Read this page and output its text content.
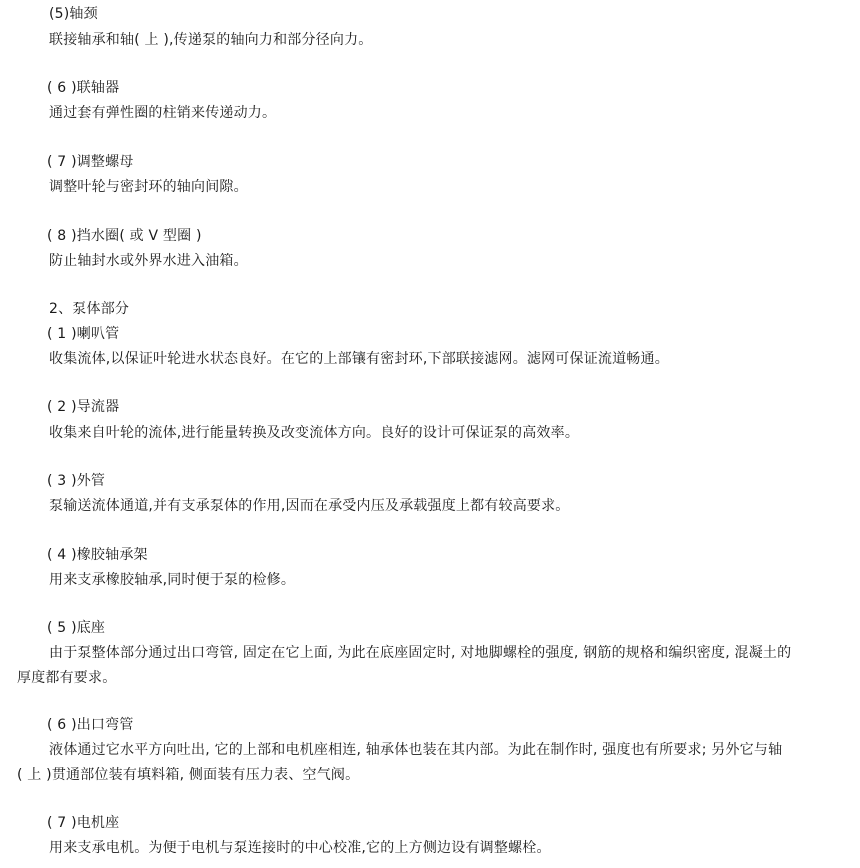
(5)轴颈
联接轴承和轴( 上 ),传递泵的轴向力和部分径向力。
( 6 )联轴器
通过套有弹性圈的柱销来传递动力。
( 7 )调整螺母
调整叶轮与密封环的轴向间隙。
( 8 )挡水圈( 或 V 型圈 )
防止轴封水或外界水进入油箱。
2、泵体部分
( 1 )喇叭管
收集流体,以保证叶轮进水状态良好。在它的上部镶有密封环,下部联接滤网。滤网可保证流道畅通。
( 2 )导流器
收集来自叶轮的流体,进行能量转换及改变流体方向。良好的设计可保证泵的高效率。
( 3 )外管
泵输送流体通道,并有支承泵体的作用,因而在承受内压及承载强度上都有较高要求。
( 4 )橡胶轴承架
用来支承橡胶轴承,同时便于泵的检修。
( 5 )底座
由于泵整体部分通过出口弯管, 固定在它上面, 为此在底座固定时, 对地脚螺栓的强度, 钢筋的规格和编织密度, 混凝土的
厚度都有要求。
( 6 )出口弯管
液体通过它水平方向吐出, 它的上部和电机座相连, 轴承体也装在其内部。为此在制作时, 强度也有所要求; 另外它与轴
( 上 )贯通部位装有填料箱, 侧面装有压力表、空气阀。
( 7 )电机座
用来支承电机。为便于电机与泵连接时的中心校准,它的上方侧边设有调整螺栓。
